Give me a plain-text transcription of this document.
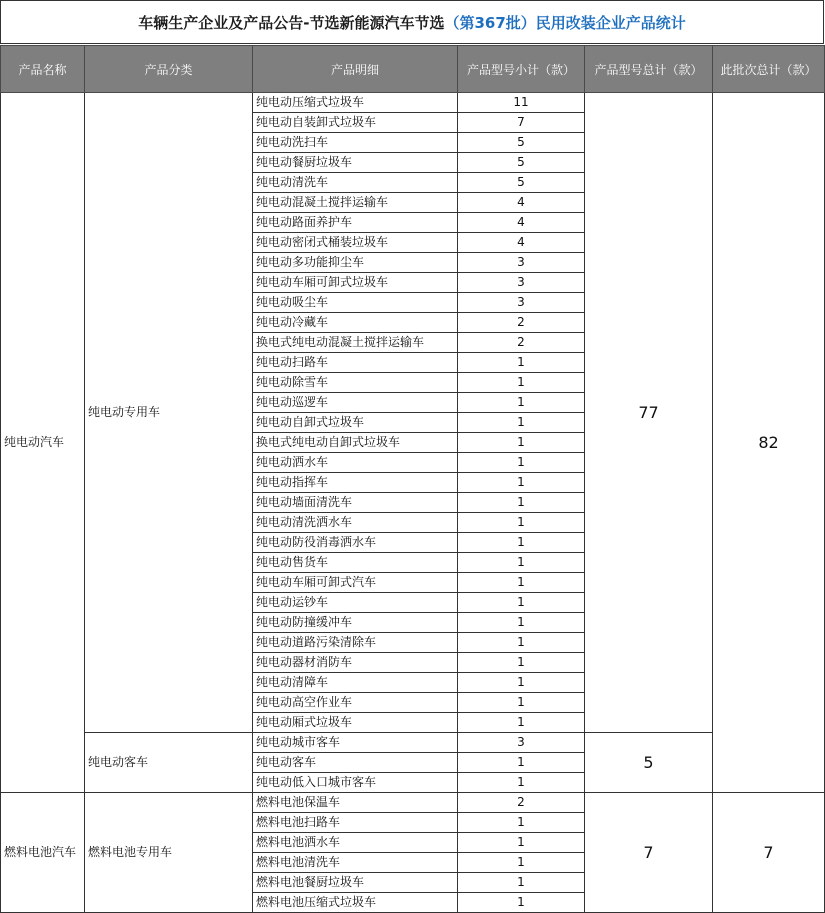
车辆生产企业及产品公告-节选新能源汽车节选 （第367批）民用改装企业产品统计
产品名称	产品分类	产品明细	产品型号小计（款）	产品型号总计（款）	此批次总计（款）
纯电动汽车	纯电动专用车	纯电动压缩式垃圾车	11	77	82
		纯电动自装卸式垃圾车	7		
		纯电动洗扫车	5		
		纯电动餐厨垃圾车	5		
		纯电动清洗车	5		
		纯电动混凝土搅拌运输车	4		
		纯电动路面养护车	4		
		纯电动密闭式桶装垃圾车	4		
		纯电动多功能抑尘车	3		
		纯电动车厢可卸式垃圾车	3		
		纯电动吸尘车	3		
		纯电动冷藏车	2		
		换电式纯电动混凝土搅拌运输车	2		
		纯电动扫路车	1		
		纯电动除雪车	1		
		纯电动巡逻车	1		
		纯电动自卸式垃圾车	1		
		换电式纯电动自卸式垃圾车	1		
		纯电动洒水车	1		
		纯电动指挥车	1		
		纯电动墙面清洗车	1		
		纯电动清洗洒水车	1		
		纯电动防役消毒洒水车	1		
		纯电动售货车	1		
		纯电动车厢可卸式汽车	1		
		纯电动运钞车	1		
		纯电动防撞缓冲车	1		
		纯电动道路污染清除车	1		
		纯电动器材消防车	1		
		纯电动清障车	1		
		纯电动高空作业车	1		
		纯电动厢式垃圾车	1		
	纯电动客车	纯电动城市客车	3	5	
		纯电动客车	1		
		纯电动低入口城市客车	1		
燃料电池汽车	燃料电池专用车	燃料电池保温车	2	7	7
		燃料电池扫路车	1		
		燃料电池洒水车	1		
		燃料电池清洗车	1		
		燃料电池餐厨垃圾车	1		
		燃料电池压缩式垃圾车	1		
